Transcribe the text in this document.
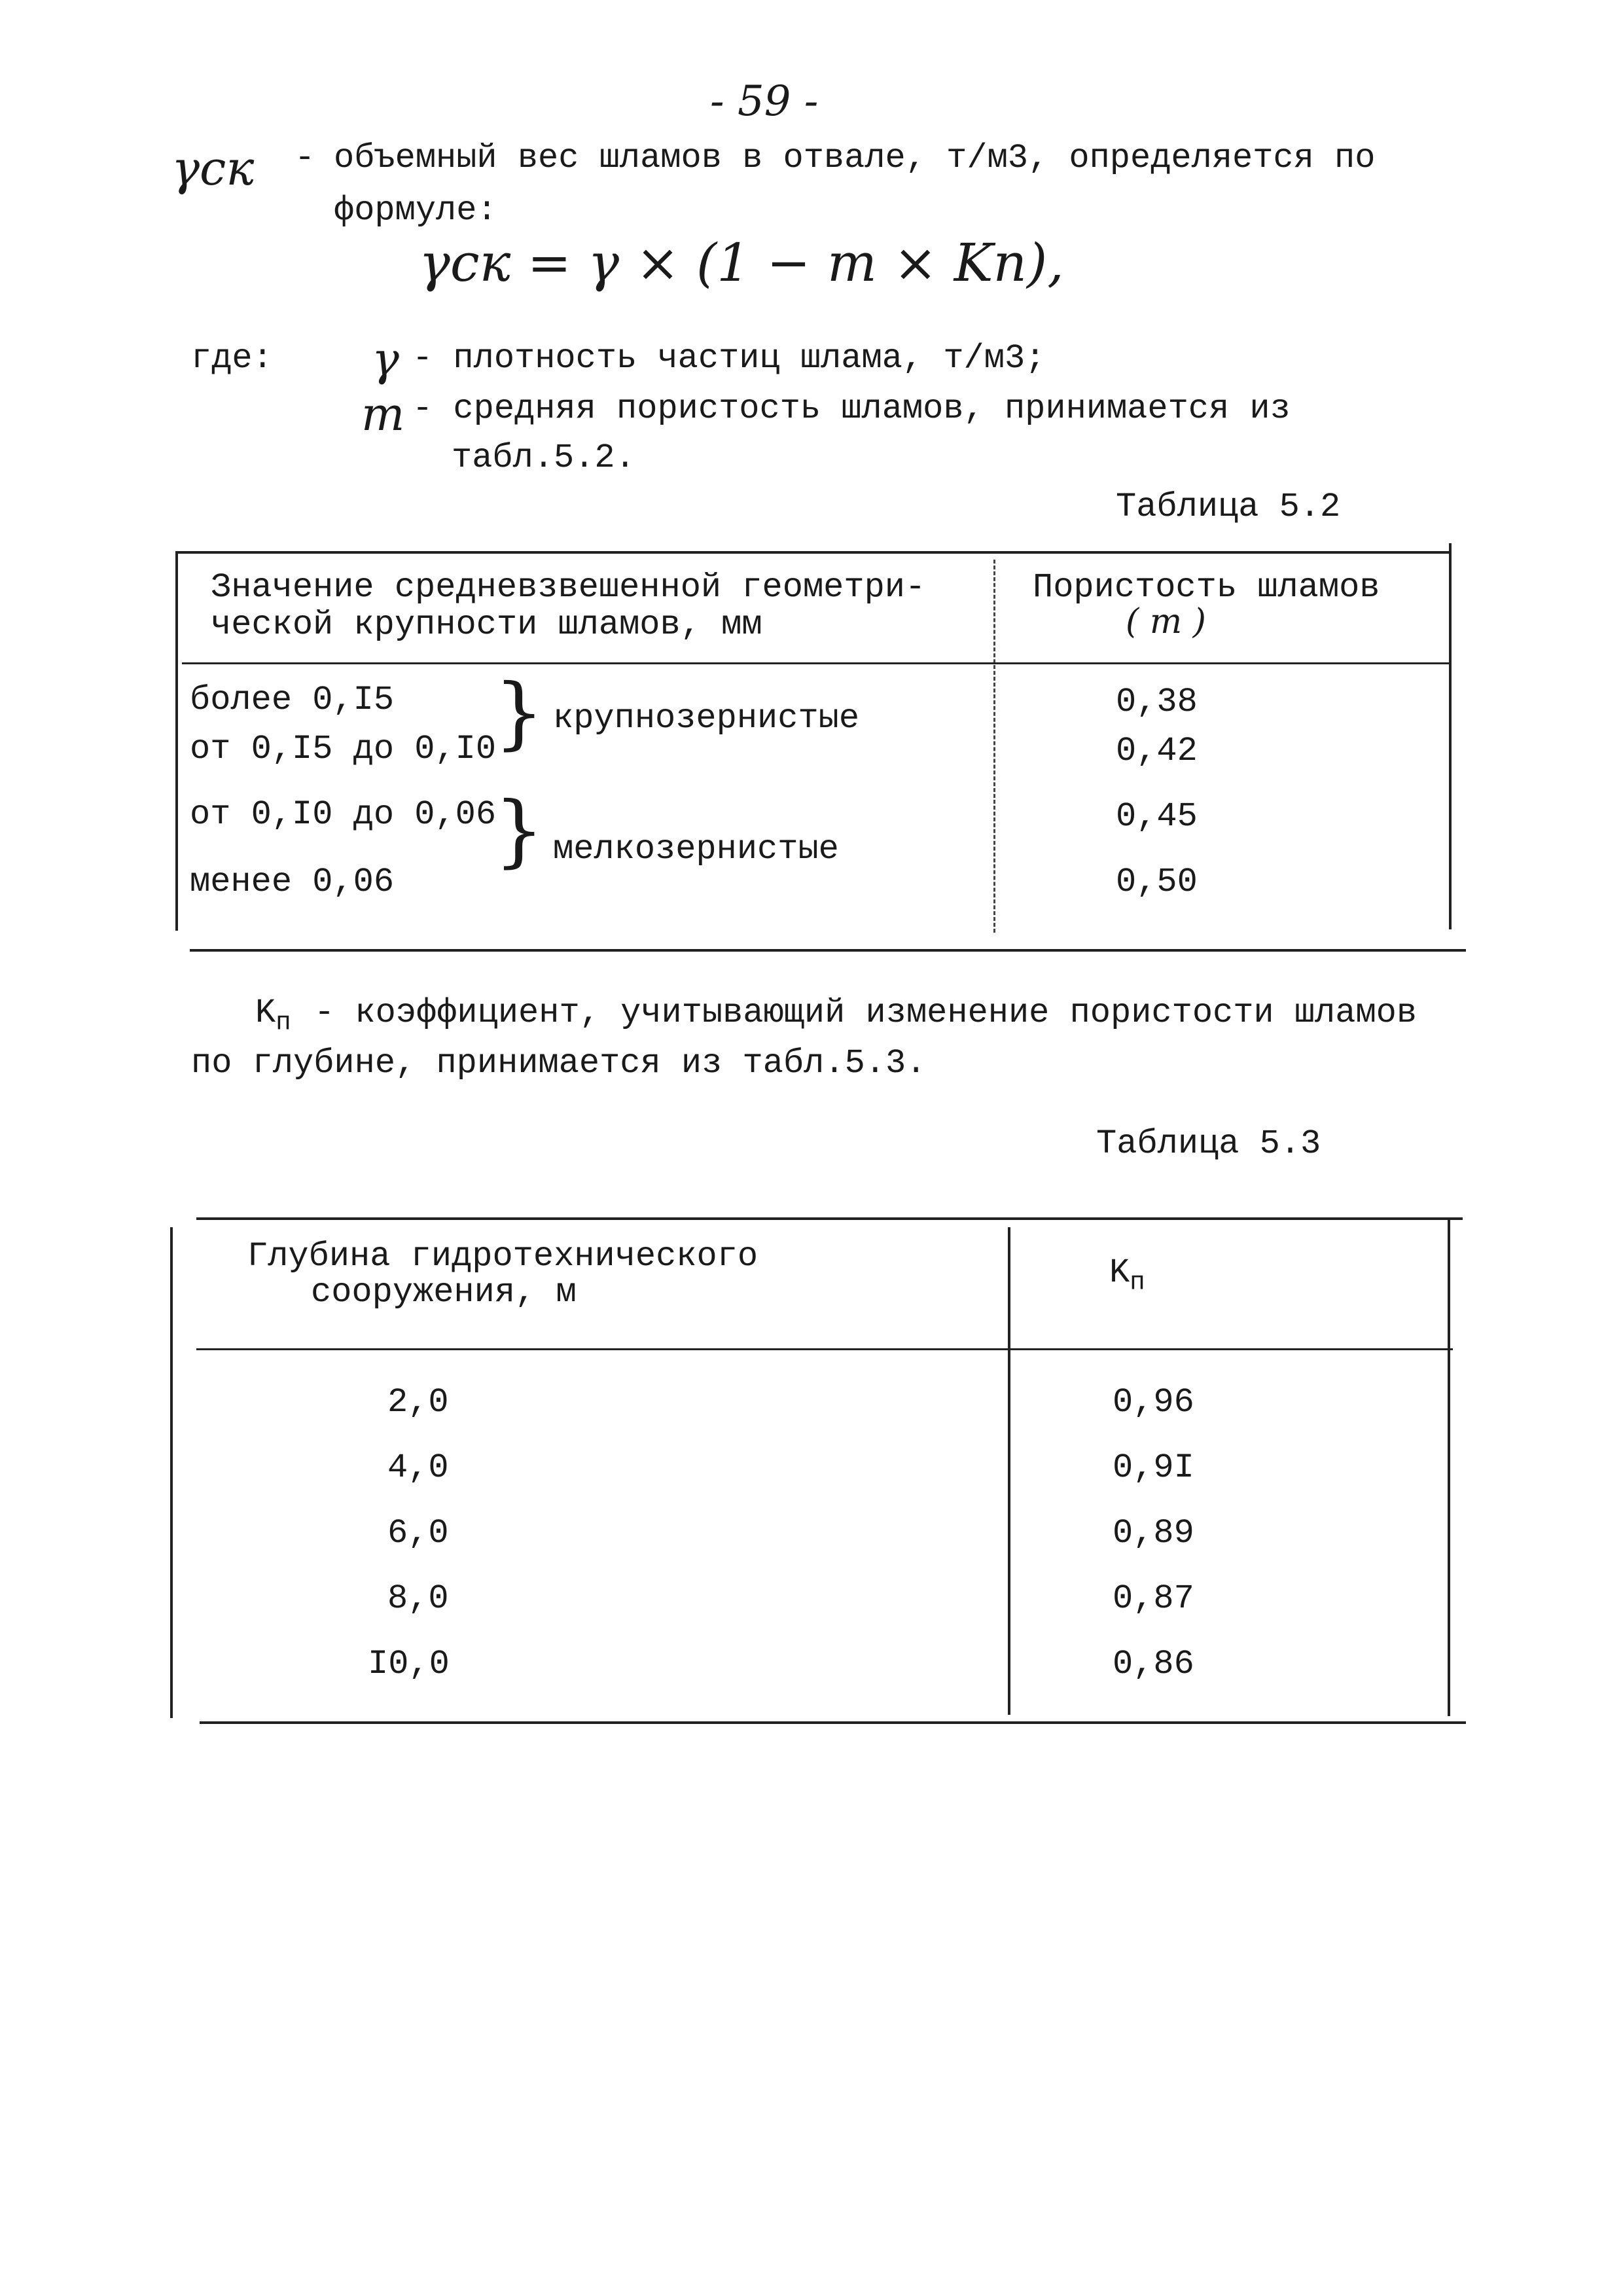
- 59 -
γск - объемный вес шламов в отвале, т/м3, определяется по
формуле:
γск = γ × (1 − m × Kп),
где: γ - плотность частиц шлама, т/м3;
m - средняя пористость шламов, принимается из
табл.5.2.
Таблица 5.2
Значение средневзвешенной геометри-
ческой крупности шламов, мм
Пористость шламов
( m )
более 0,I5	0,38
от 0,I5 до 0,I0	0,42
от 0,I0 до 0,06	0,45
менее 0,06	0,50
} крупнозернистые
} мелкозернистые
$K_п$ - коэффициент, учитывающий изменение пористости шламов
по глубине, принимается из табл.5.3.
Таблица 5.3
Глубина гидротехнического
сооружения, м
$K_п$
2,0	0,96
4,0	0,9I
6,0	0,89
8,0	0,87
I0,0	0,86
